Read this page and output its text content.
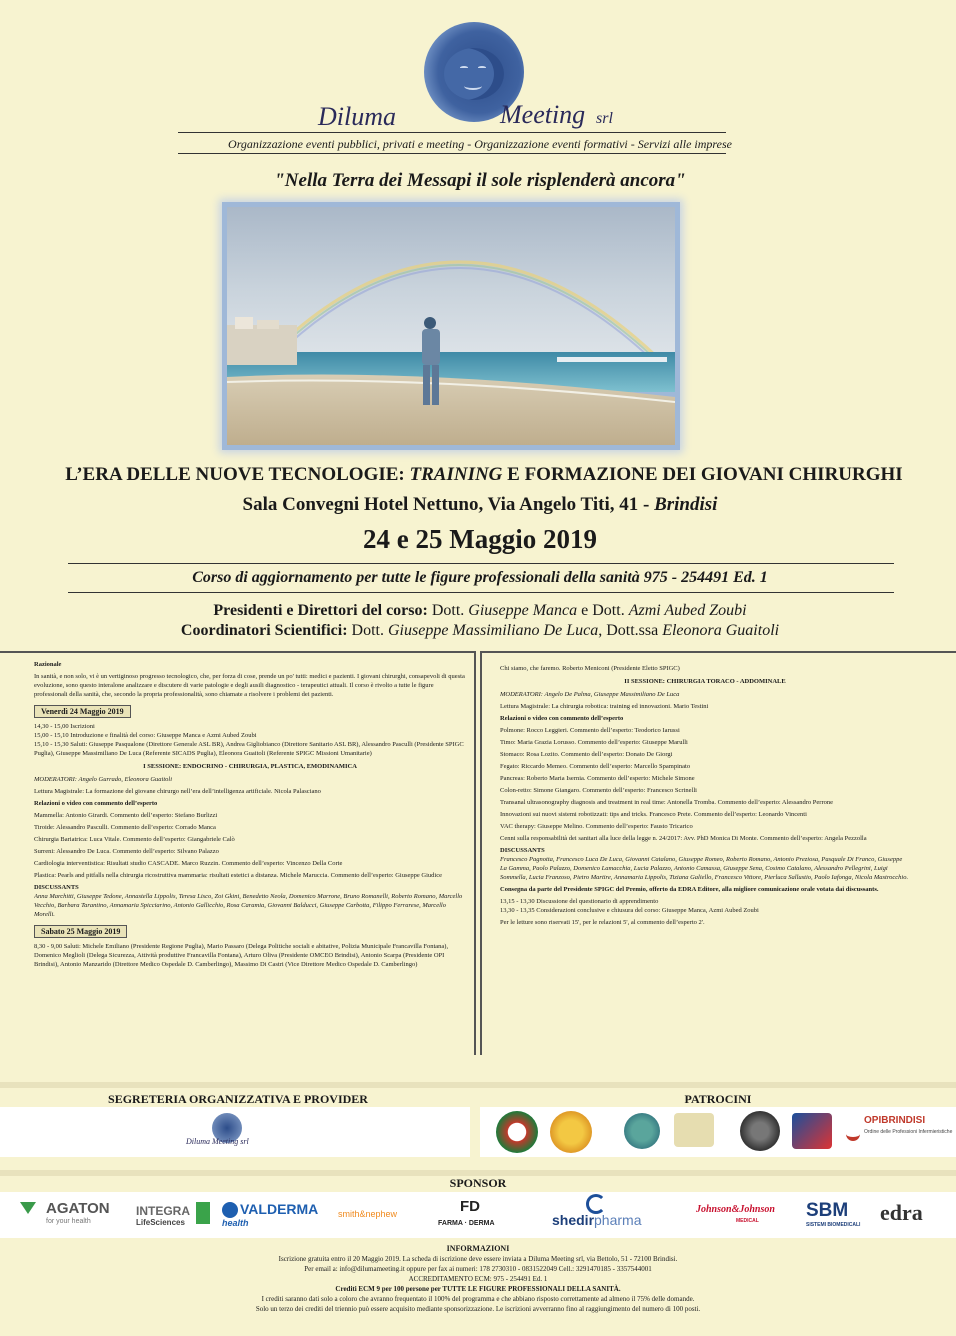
Diluma	Meeting srl
Organizzazione eventi pubblici, privati e meeting - Organizzazione eventi formativi - Servizi alle imprese
"Nella Terra dei Messapi il sole risplenderà ancora"
L’ERA DELLE NUOVE TECNOLOGIE: TRAINING E FORMAZIONE DEI GIOVANI CHIRURGHI
Sala Convegni Hotel Nettuno, Via Angelo Titi, 41 - Brindisi
24 e 25 Maggio 2019
Corso di aggiornamento per tutte le figure professionali della sanità 975 - 254491 Ed. 1
Presidenti e Direttori del corso: Dott. Giuseppe Manca e Dott. Azmi Aubed Zoubi
Coordinatori Scientifici: Dott. Giuseppe Massimiliano De Luca, Dott.ssa Eleonora Guaitoli

Razionale

In sanità, e non solo, vi è un vertiginoso progresso tecnologico, che, per forza di cose, prende un po' tutti: medici e pazienti. I giovani chirurghi, consapevoli di questa evoluzione, sono questo interalone analizzare e discutere di varie patologie e degli ausili diagnostico - terapeutici attuali. Il corso è rivolto a tutte le figure professionali della sanità, che, secondo la propria professionalità, sono chiamate a risolvere i problemi dei pazienti.

Venerdì 24 Maggio 2019

14,30 - 15,00 Iscrizioni

15,00 - 15,10 Introduzione e finalità del corso: Giuseppe Manca e Azmi Aubed Zoubi

15,10 - 15,30 Saluti: Giuseppe Pasqualone (Direttore Generale ASL BR), Andrea Gigliobianco (Direttore Sanitario ASL BR), Alessandro Pasculli (Presidente SPIGC Puglia), Giuseppe Massimiliano De Luca (Referente SICADS Puglia), Eleonora Guaitoli (Referente SPIGC Missioni Umanitarie)

I SESSIONE: ENDOCRINO - CHIRURGIA, PLASTICA, EMODINAMICA

MODERATORI: Angelo Gurrado, Eleonora Guaitoli

Lettura Magistrale: La formazione del giovane chirurgo nell’era dell’intelligenza artificiale. Nicola Palasciano

Relazioni o video con commento dell’esperto

Mammella: Antonio Girardi. Commento dell’esperto: Stefano Burlizzi

Tiroide: Alessandro Pasculli. Commento dell’esperto: Corrado Manca

Chirurgia Bariatrica: Luca Vitale. Commento dell’esperto: Giangabriele Calò

Surreni: Alessandro De Luca. Commento dell’esperto: Silvano Palazzo

Cardiologia interventistica: Risultati studio CASCADE. Marco Ruzzin. Commento dell’esperto: Vincenzo Della Corte

Plastica: Pearls and pitfalls nella chirurgia ricostruttiva mammaria: risultati estetici a distanza. Michele Maruccia. Commento dell’esperto: Giuseppe Giudice

DISCUSSANTS

Anna Marchitti, Giuseppe Tedone, Annastella Lippolis, Teresa Lisco, Zoi Gkini, Benedetto Neola, Domenico Marrone, Bruno Romanelli, Roberto Romano, Marcello Vecchio, Barbara Tarantino, Annamaria Spicciarino, Antonio Gallicchio, Rosa Caramia, Giovanni Balducci, Giuseppe Carbotta, Filippo Ferrarese, Marcello Morelli.

Sabato 25 Maggio 2019

8,30 - 9,00 Saluti: Michele Emiliano (Presidente Regione Puglia), Mario Passaro (Delega Politiche sociali e abitative, Polizia Municipale Francavilla Fontana), Domenico Meglioli (Delega Sicurezza, Attività produttive Francavilla Fontana), Arturo Oliva (Presidente OMCEO Brindisi), Antonio Scarpa (Presidente OPI Brindisi), Antonio Manzarido (Direttore Medico Ospedale D. Camberlingo), Massimo Di Castri (Vice Direttore Medico Ospedale D. Camberlingo)

Chi siamo, che faremo. Roberto Meniconi (Presidente Eletto SPIGC)

II SESSIONE: CHIRURGIA TORACO - ADDOMINALE

MODERATORI: Angelo De Palma, Giuseppe Massimiliano De Luca

Lettura Magistrale: La chirurgia robotica: training ed innovazioni. Mario Testini

Relazioni o video con commento dell’esperto

Polmone: Rocco Leggieri. Commento dell’esperto: Teodorico Iarussi

Timo: Maria Grazia Lorusso. Commento dell’esperto: Giuseppe Marulli

Stomaco: Rosa Lozito. Commento dell’esperto: Donato De Giorgi

Fegato: Riccardo Memeo. Commento dell’esperto: Marcello Spampinato

Pancreas: Roberto Maria Isernia. Commento dell’esperto: Michele Simone

Colon-retto: Simone Giangaro. Commento dell’esperto: Francesco Scrinelli

Transanal ultrasonography diagnosis and treatment in real time: Antonella Tromba. Commento dell’esperto: Alessandro Perrone

Innovazioni sui nuovi sistemi robotizzati: tips and tricks. Francesco Prete. Commento dell’esperto: Leonardo Vincenti

VAC therapy: Giuseppe Melino. Commento dell’esperto: Fausto Tricarico

Cenni sulla responsabilità dei sanitari alla luce della legge n. 24/2017: Avv. PhD Monica Di Monte. Commento dell’esperto: Angela Pezzolla

DISCUSSANTS

Francesco Pagnotta, Francesco Luca De Luca, Giovanni Catalano, Giuseppe Romeo, Roberto Romano, Antonio Preziosa, Pasquale Di Franco, Giuseppe La Gamma, Paolo Palazzo, Domenico Lamacchia, Lucia Palazzo, Antonio Camassa, Giuseppe Sena, Cosimo Catalano, Alessandro Pellegrini, Luigi Sommella, Lucia Franzoso, Pietro Martire, Annamaria Lippolis, Tiziana Galiello, Francesco Vittore, Pierluca Sallustio, Paolo Iafonga, Nicola Mastrocchio.

Consegna da parte del Presidente SPIGC del Premio, offerto da EDRA Editore, alla migliore comunicazione orale votata dai discussants.

13,15 - 13,30 Discussione del questionario di apprendimento

13,30 - 13,35 Considerazioni conclusive e chiusura del corso: Giuseppe Manca, Azmi Aubed Zoubi

Per le letture sono riservati 15', per le relazioni 5', al commento dell’esperto 2'.

SEGRETERIA ORGANIZZATIVA E PROVIDER	PATROCINI
Diluma Meeting srl
OPIBRINDISI
Ordine delle Professioni Infermieristiche
SPONSOR
AGATON
for your health
INTEGRA
LifeSciences
VALDERMA
health
smith&nephew	FD
FARMA · DERMA	shedirpharma
Johnson&Johnson
MEDICAL SBM
SISTEMI BIOMEDICALI edra
INFORMAZIONI
Iscrizione gratuita entro il 20 Maggio 2019. La scheda di iscrizione deve essere inviata a Diluma Meeting srl, via Bettolo, 51 - 72100 Brindisi.
Per email a: info@dilumameeting.it oppure per fax ai numeri: 178 2730310 - 0831522049 Cell.: 3291470185 - 3357544001
ACCREDITAMENTO ECM: 975 - 254491 Ed. 1
Crediti ECM 9 per 100 persone per TUTTE LE FIGURE PROFESSIONALI DELLA SANITÀ.
I crediti saranno dati solo a coloro che avranno frequentato il 100% del programma e che abbiano risposto correttamente ad almeno il 75% delle domande.
Solo un terzo dei crediti del triennio può essere acquisito mediante sponsorizzazione. Le iscrizioni avverranno fino al raggiungimento del numero di 100 posti.
